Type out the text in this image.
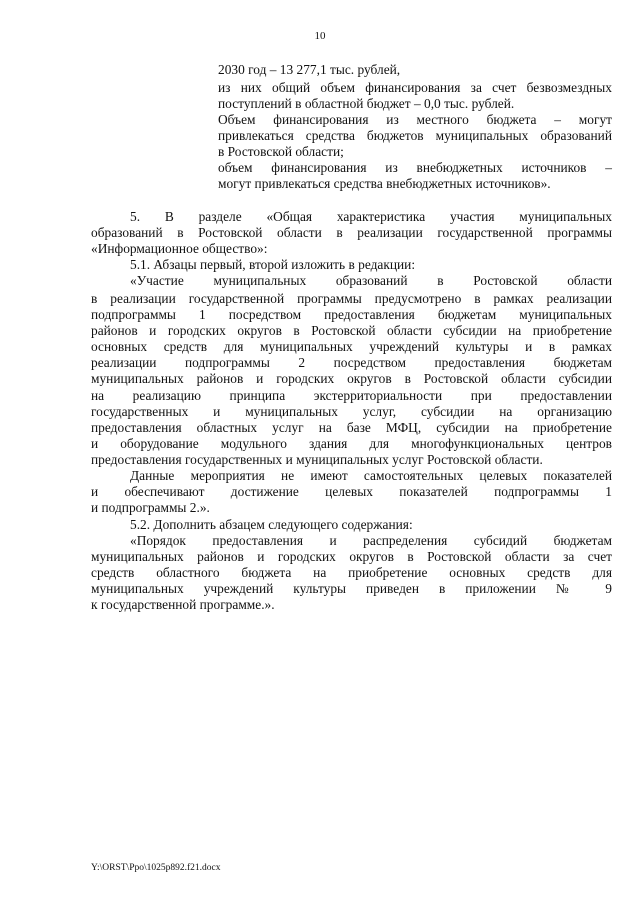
10
2030 год – 13 277,1 тыс. рублей,
из них общий объем финансирования за счет безвозмездных
поступлений в областной бюджет – 0,0 тыс. рублей.
Объем финансирования из местного бюджета – могут
привлекаться средства бюджетов муниципальных образований
в Ростовской области;
объем финансирования из внебюджетных источников –
могут привлекаться средства внебюджетных источников».
5. В разделе «Общая характеристика участия муниципальных
образований в Ростовской области в реализации государственной программы
«Информационное общество»:
5.1. Абзацы первый, второй изложить в редакции:
«Участие муниципальных образований в Ростовской области
в реализации государственной программы предусмотрено в рамках реализации
подпрограммы 1 посредством предоставления бюджетам муниципальных
районов и городских округов в Ростовской области субсидии на приобретение
основных средств для муниципальных учреждений культуры и в рамках
реализации подпрограммы 2 посредством предоставления бюджетам
муниципальных районов и городских округов в Ростовской области субсидии
на реализацию принципа экстерриториальности при предоставлении
государственных и муниципальных услуг, субсидии на организацию
предоставления областных услуг на базе МФЦ, субсидии на приобретение
и оборудование модульного здания для многофункциональных центров
предоставления государственных и муниципальных услуг Ростовской области.
Данные мероприятия не имеют самостоятельных целевых показателей
и обеспечивают достижение целевых показателей подпрограммы 1
и подпрограммы 2.».
5.2. Дополнить абзацем следующего содержания:
«Порядок предоставления и распределения субсидий бюджетам
муниципальных районов и городских округов в Ростовской области за счет
средств областного бюджета на приобретение основных средств для
муниципальных учреждений культуры приведен в приложении № 9
к государственной программе.».
Y:\ORST\Ppo\1025p892.f21.docx
